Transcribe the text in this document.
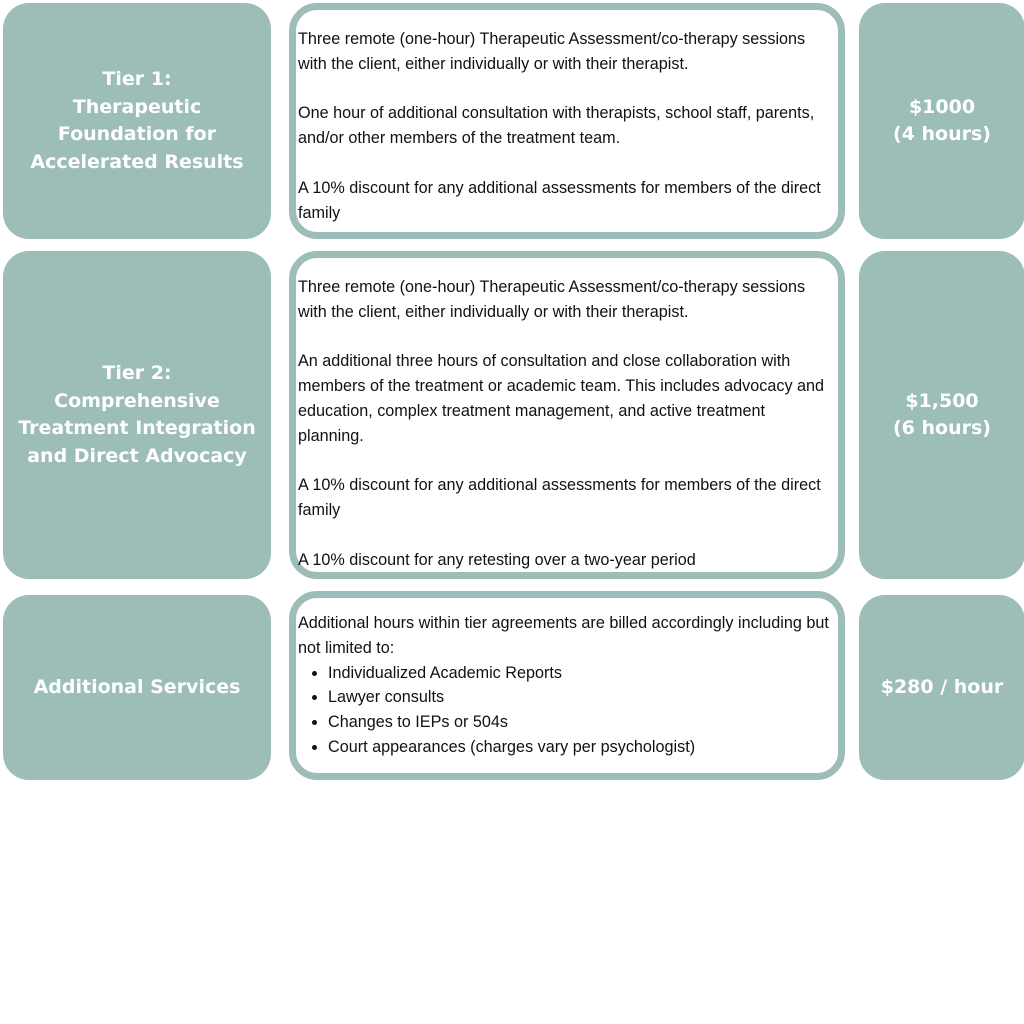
Tier 1:
Therapeutic
Foundation for
Accelerated Results

Three remote (one-hour) Therapeutic Assessment/co-therapy sessions with the client, either individually or with their therapist.

One hour of additional consultation with therapists, school staff, parents, and/or other members of the treatment team.

A 10% discount for any additional assessments for members of the direct family

$1000
(4 hours)
Tier 2:
Comprehensive
Treatment Integration
and Direct Advocacy

Three remote (one-hour) Therapeutic Assessment/co-therapy sessions with the client, either individually or with their therapist.

An additional three hours of consultation and close collaboration with members of the treatment or academic team. This includes advocacy and education, complex treatment management, and active treatment planning.

A 10% discount for any additional assessments for members of the direct family

A 10% discount for any retesting over a two-year period

$1,500
(6 hours)
Additional Services
Additional hours within tier agreements are billed accordingly including but not limited to:
• Individualized Academic Reports
• Lawyer consults
• Changes to IEPs or 504s
• Court appearances (charges vary per psychologist)
$280 / hour
